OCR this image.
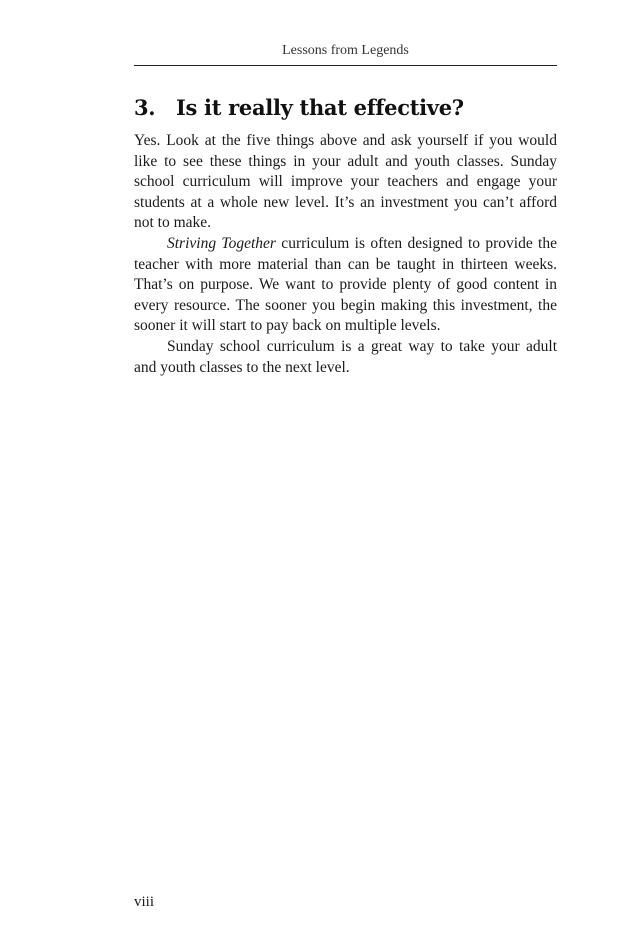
Lessons from Legends
3. Is it really that effective?

Yes. Look at the five things above and ask yourself if you would like to see these things in your adult and youth classes. Sunday school curriculum will improve your teachers and engage your students at a whole new level. It’s an investment you can’t afford not to make.

Striving Together curriculum is often designed to provide the teacher with more material than can be taught in thirteen weeks. That’s on purpose. We want to provide plenty of good content in every resource. The sooner you begin making this investment, the sooner it will start to pay back on multiple levels.

Sunday school curriculum is a great way to take your adult and youth classes to the next level.

viii
